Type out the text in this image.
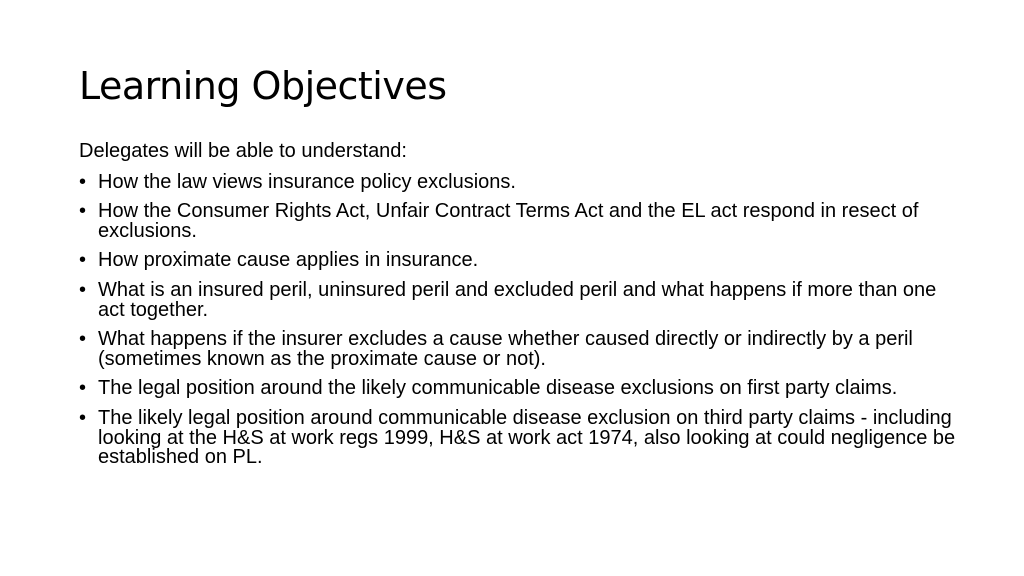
Learning Objectives

Delegates will be able to understand:

• How the law views insurance policy exclusions.
• How the Consumer Rights Act, Unfair Contract Terms Act and the EL act respond in resect of exclusions.
• How proximate cause applies in insurance.
• What is an insured peril, uninsured peril and excluded peril and what happens if more than one act together.
• What happens if the insurer excludes a cause whether caused directly or indirectly by a peril (sometimes known as the proximate cause or not).
• The legal position around the likely communicable disease exclusions on first party claims.
• The likely legal position around communicable disease exclusion on third party claims - including looking at the H&S at work regs 1999, H&S at work act 1974, also looking at could negligence be established on PL.
